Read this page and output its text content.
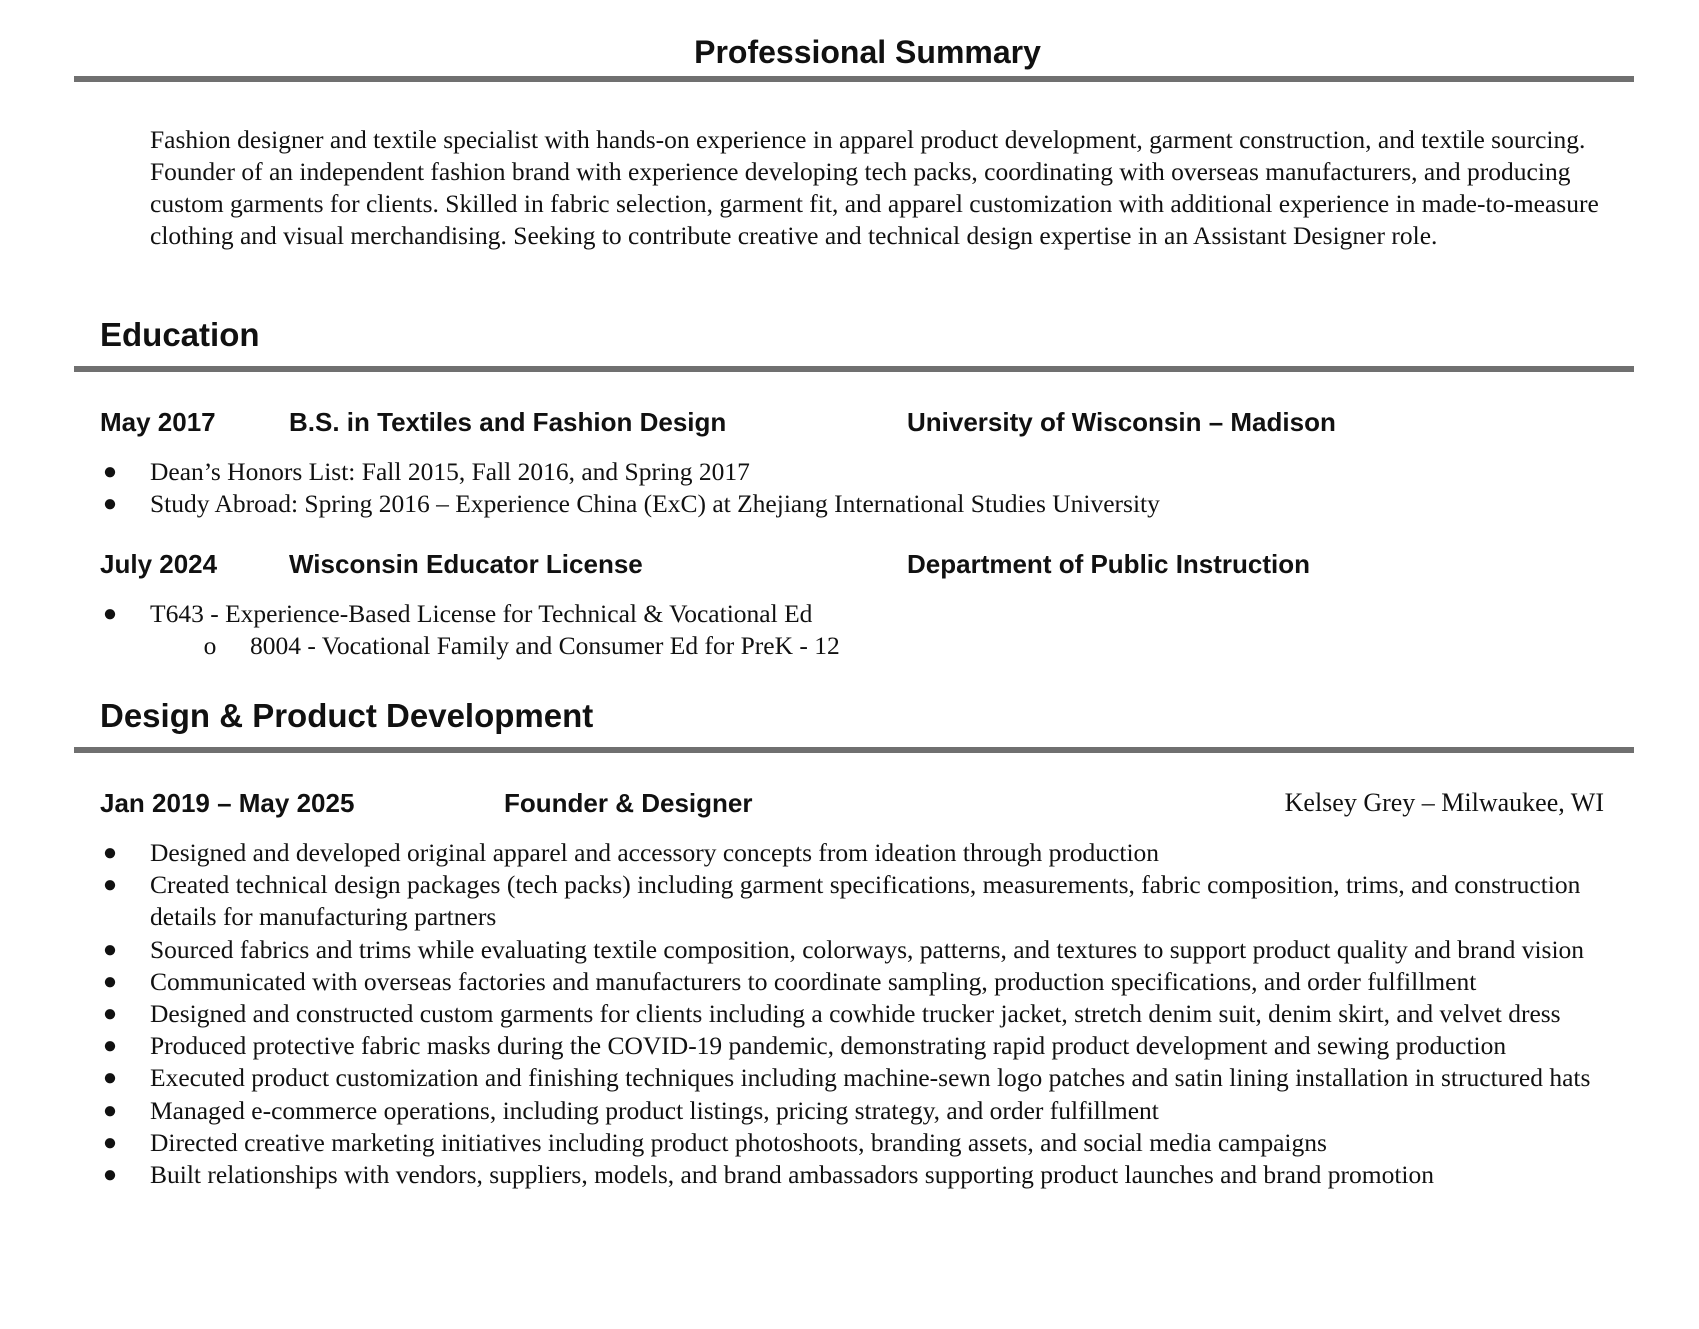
Professional Summary
Fashion designer and textile specialist with hands-on experience in apparel product development, garment construction, and textile sourcing. Founder of an independent fashion brand with experience developing tech packs, coordinating with overseas manufacturers, and producing custom garments for clients. Skilled in fabric selection, garment fit, and apparel customization with additional experience in made-to-measure clothing and visual merchandising. Seeking to contribute creative and technical design expertise in an Assistant Designer role.
Education
May 2017	B.S. in Textiles and Fashion Design	University of Wisconsin – Madison
● Dean’s Honors List: Fall 2015, Fall 2016, and Spring 2017
● Study Abroad: Spring 2016 – Experience China (ExC) at Zhejiang International Studies University
July 2024	Wisconsin Educator License	Department of Public Instruction
● T643 - Experience-Based License for Technical & Vocational Ed
o 8004 - Vocational Family and Consumer Ed for PreK - 12
Design & Product Development
Jan 2019 – May 2025	Founder & Designer	Kelsey Grey – Milwaukee, WI
● Designed and developed original apparel and accessory concepts from ideation through production
● Created technical design packages (tech packs) including garment specifications, measurements, fabric composition, trims, and construction details for manufacturing partners
● Sourced fabrics and trims while evaluating textile composition, colorways, patterns, and textures to support product quality and brand vision
● Communicated with overseas factories and manufacturers to coordinate sampling, production specifications, and order fulfillment
● Designed and constructed custom garments for clients including a cowhide trucker jacket, stretch denim suit, denim skirt, and velvet dress
● Produced protective fabric masks during the COVID-19 pandemic, demonstrating rapid product development and sewing production
● Executed product customization and finishing techniques including machine-sewn logo patches and satin lining installation in structured hats
● Managed e-commerce operations, including product listings, pricing strategy, and order fulfillment
● Directed creative marketing initiatives including product photoshoots, branding assets, and social media campaigns
● Built relationships with vendors, suppliers, models, and brand ambassadors supporting product launches and brand promotion
